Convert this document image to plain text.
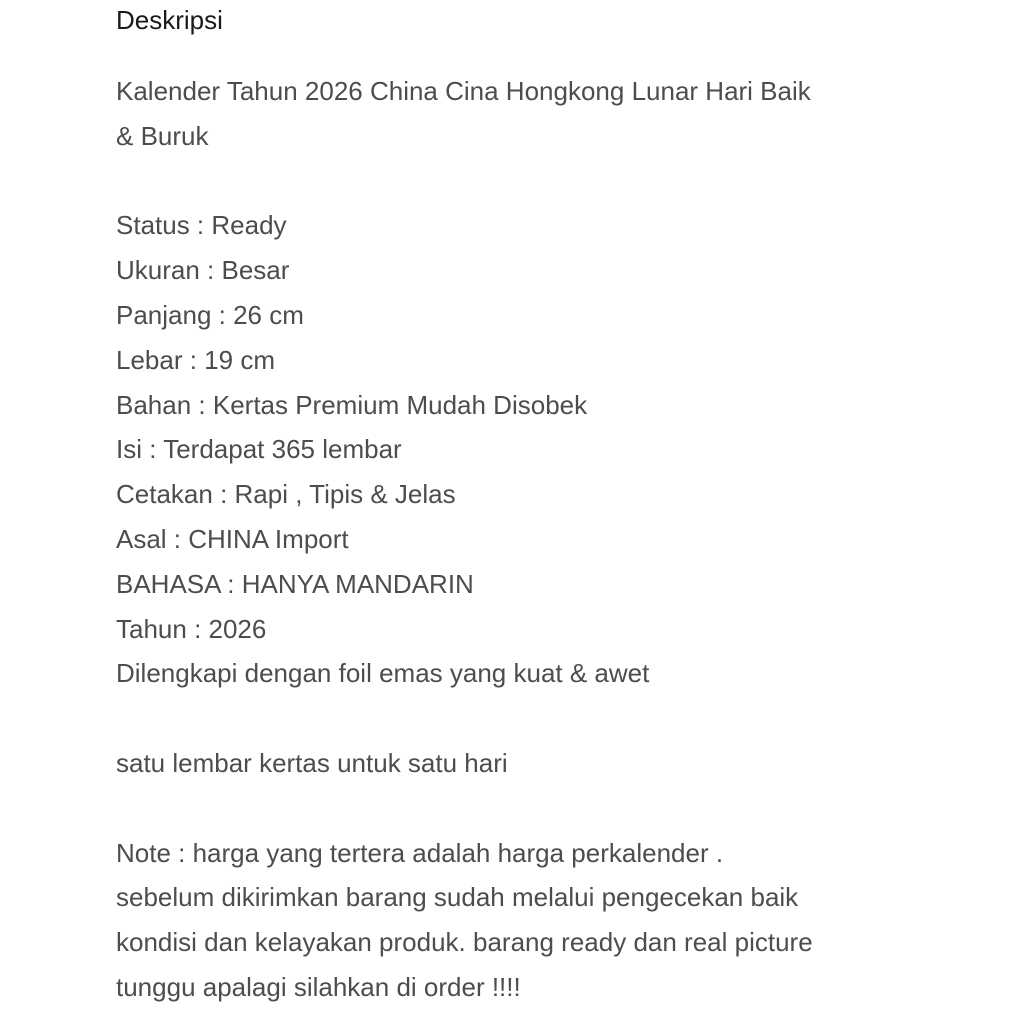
Deskripsi
Kalender Tahun 2026 China Cina Hongkong Lunar Hari Baik
& Buruk
Status : Ready
Ukuran : Besar
Panjang : 26 cm
Lebar : 19 cm
Bahan : Kertas Premium Mudah Disobek
Isi : Terdapat 365 lembar
Cetakan : Rapi , Tipis & Jelas
Asal : CHINA Import
BAHASA : HANYA MANDARIN
Tahun : 2026
Dilengkapi dengan foil emas yang kuat & awet
satu lembar kertas untuk satu hari
Note : harga yang tertera adalah harga perkalender .
sebelum dikirimkan barang sudah melalui pengecekan baik
kondisi dan kelayakan produk. barang ready dan real picture
tunggu apalagi silahkan di order !!!!
